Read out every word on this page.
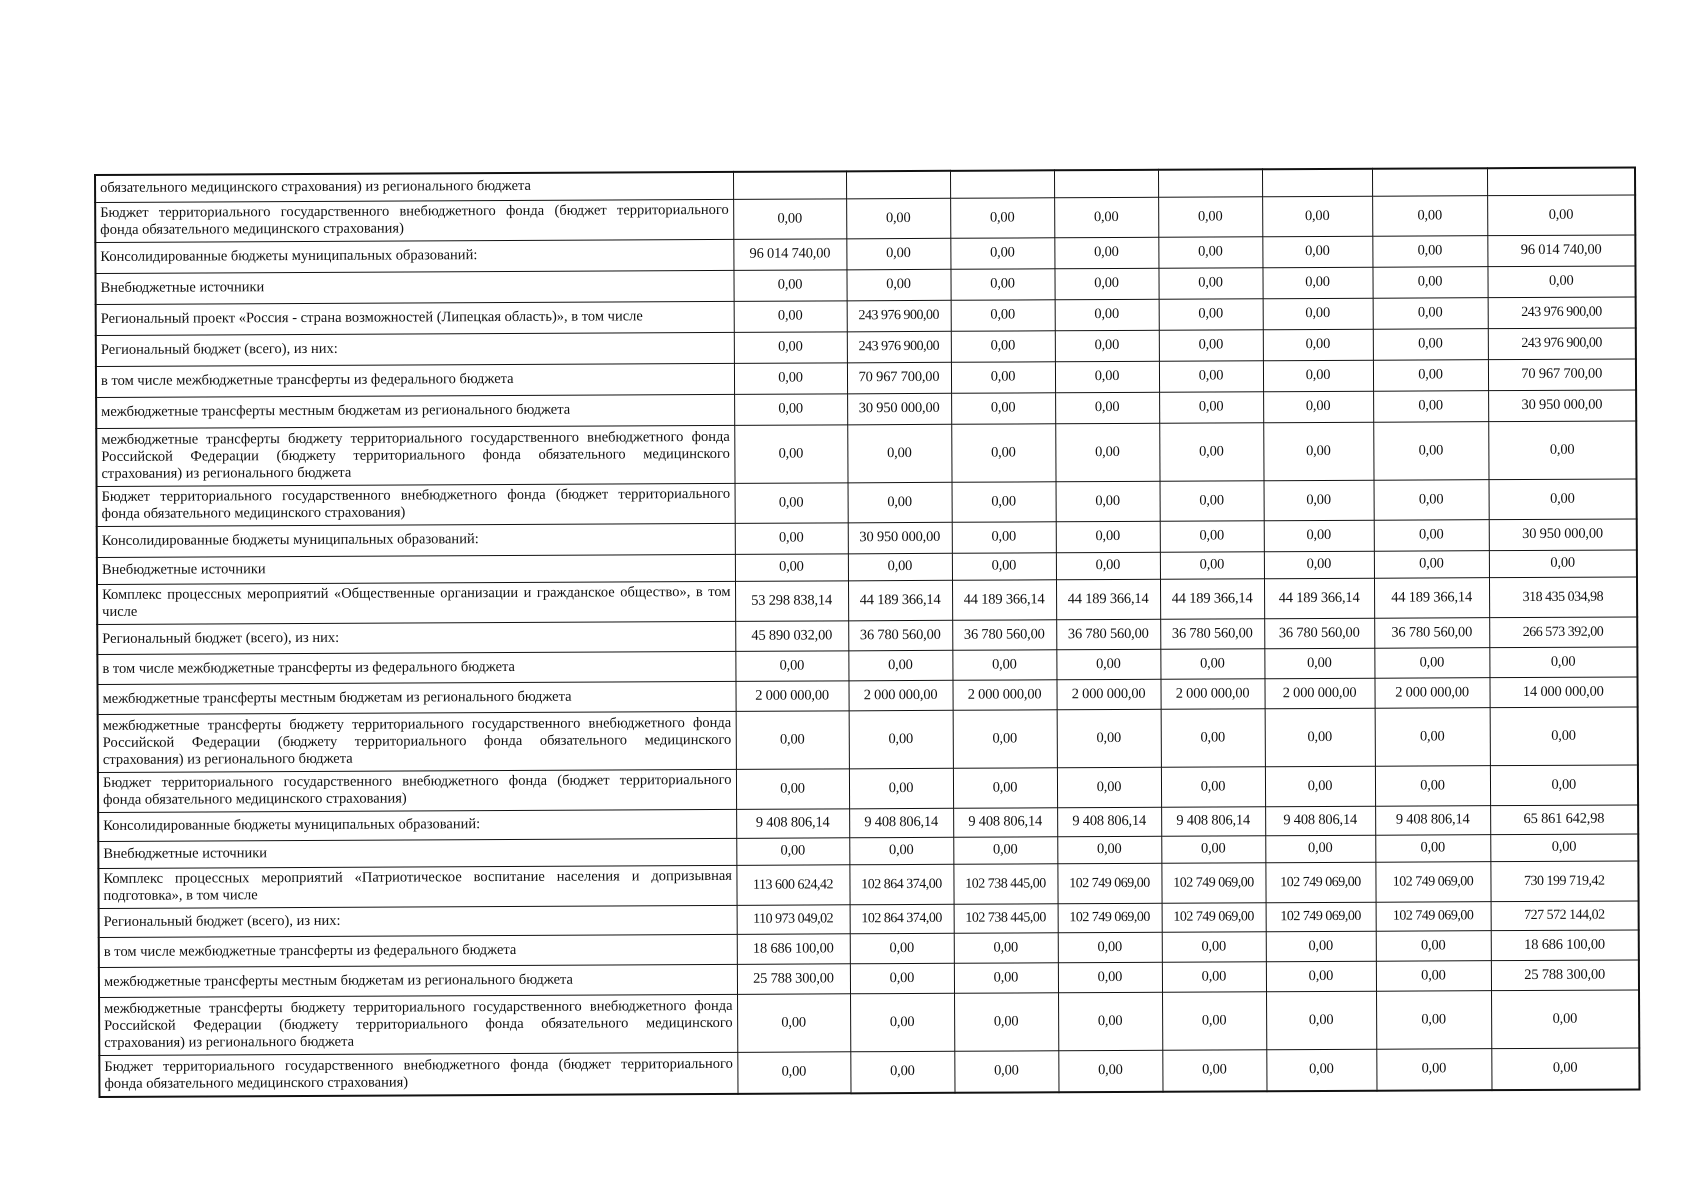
обязательного медицинского страхования) из регионального бюджета								
Бюджет территориального государственного внебюджетного фонда (бюджет территориального фонда обязательного медицинского страхования)	0,00	0,00	0,00	0,00	0,00	0,00	0,00	0,00
Консолидированные бюджеты муниципальных образований:	96 014 740,00	0,00	0,00	0,00	0,00	0,00	0,00	96 014 740,00
Внебюджетные источники	0,00	0,00	0,00	0,00	0,00	0,00	0,00	0,00
Региональный проект «Россия - страна возможностей (Липецкая область)», в том числе	0,00	243 976 900,00	0,00	0,00	0,00	0,00	0,00	243 976 900,00
Региональный бюджет (всего), из них:	0,00	243 976 900,00	0,00	0,00	0,00	0,00	0,00	243 976 900,00
в том числе межбюджетные трансферты из федерального бюджета	0,00	70 967 700,00	0,00	0,00	0,00	0,00	0,00	70 967 700,00
межбюджетные трансферты местным бюджетам из регионального бюджета	0,00	30 950 000,00	0,00	0,00	0,00	0,00	0,00	30 950 000,00
межбюджетные трансферты бюджету территориального государственного внебюджетного фонда Российской Федерации (бюджету территориального фонда обязательного медицинского страхования) из регионального бюджета	0,00	0,00	0,00	0,00	0,00	0,00	0,00	0,00
Бюджет территориального государственного внебюджетного фонда (бюджет территориального фонда обязательного медицинского страхования)	0,00	0,00	0,00	0,00	0,00	0,00	0,00	0,00
Консолидированные бюджеты муниципальных образований:	0,00	30 950 000,00	0,00	0,00	0,00	0,00	0,00	30 950 000,00
Внебюджетные источники	0,00	0,00	0,00	0,00	0,00	0,00	0,00	0,00
Комплекс процессных мероприятий «Общественные организации и гражданское общество», в том числе	53 298 838,14	44 189 366,14	44 189 366,14	44 189 366,14	44 189 366,14	44 189 366,14	44 189 366,14	318 435 034,98
Региональный бюджет (всего), из них:	45 890 032,00	36 780 560,00	36 780 560,00	36 780 560,00	36 780 560,00	36 780 560,00	36 780 560,00	266 573 392,00
в том числе межбюджетные трансферты из федерального бюджета	0,00	0,00	0,00	0,00	0,00	0,00	0,00	0,00
межбюджетные трансферты местным бюджетам из регионального бюджета	2 000 000,00	2 000 000,00	2 000 000,00	2 000 000,00	2 000 000,00	2 000 000,00	2 000 000,00	14 000 000,00
межбюджетные трансферты бюджету территориального государственного внебюджетного фонда Российской Федерации (бюджету территориального фонда обязательного медицинского страхования) из регионального бюджета	0,00	0,00	0,00	0,00	0,00	0,00	0,00	0,00
Бюджет территориального государственного внебюджетного фонда (бюджет территориального фонда обязательного медицинского страхования)	0,00	0,00	0,00	0,00	0,00	0,00	0,00	0,00
Консолидированные бюджеты муниципальных образований:	9 408 806,14	9 408 806,14	9 408 806,14	9 408 806,14	9 408 806,14	9 408 806,14	9 408 806,14	65 861 642,98
Внебюджетные источники	0,00	0,00	0,00	0,00	0,00	0,00	0,00	0,00
Комплекс процессных мероприятий «Патриотическое воспитание населения и допризывная подготовка», в том числе	113 600 624,42	102 864 374,00	102 738 445,00	102 749 069,00	102 749 069,00	102 749 069,00	102 749 069,00	730 199 719,42
Региональный бюджет (всего), из них:	110 973 049,02	102 864 374,00	102 738 445,00	102 749 069,00	102 749 069,00	102 749 069,00	102 749 069,00	727 572 144,02
в том числе межбюджетные трансферты из федерального бюджета	18 686 100,00	0,00	0,00	0,00	0,00	0,00	0,00	18 686 100,00
межбюджетные трансферты местным бюджетам из регионального бюджета	25 788 300,00	0,00	0,00	0,00	0,00	0,00	0,00	25 788 300,00
межбюджетные трансферты бюджету территориального государственного внебюджетного фонда Российской Федерации (бюджету территориального фонда обязательного медицинского страхования) из регионального бюджета	0,00	0,00	0,00	0,00	0,00	0,00	0,00	0,00
Бюджет территориального государственного внебюджетного фонда (бюджет территориального фонда обязательного медицинского страхования)	0,00	0,00	0,00	0,00	0,00	0,00	0,00	0,00
